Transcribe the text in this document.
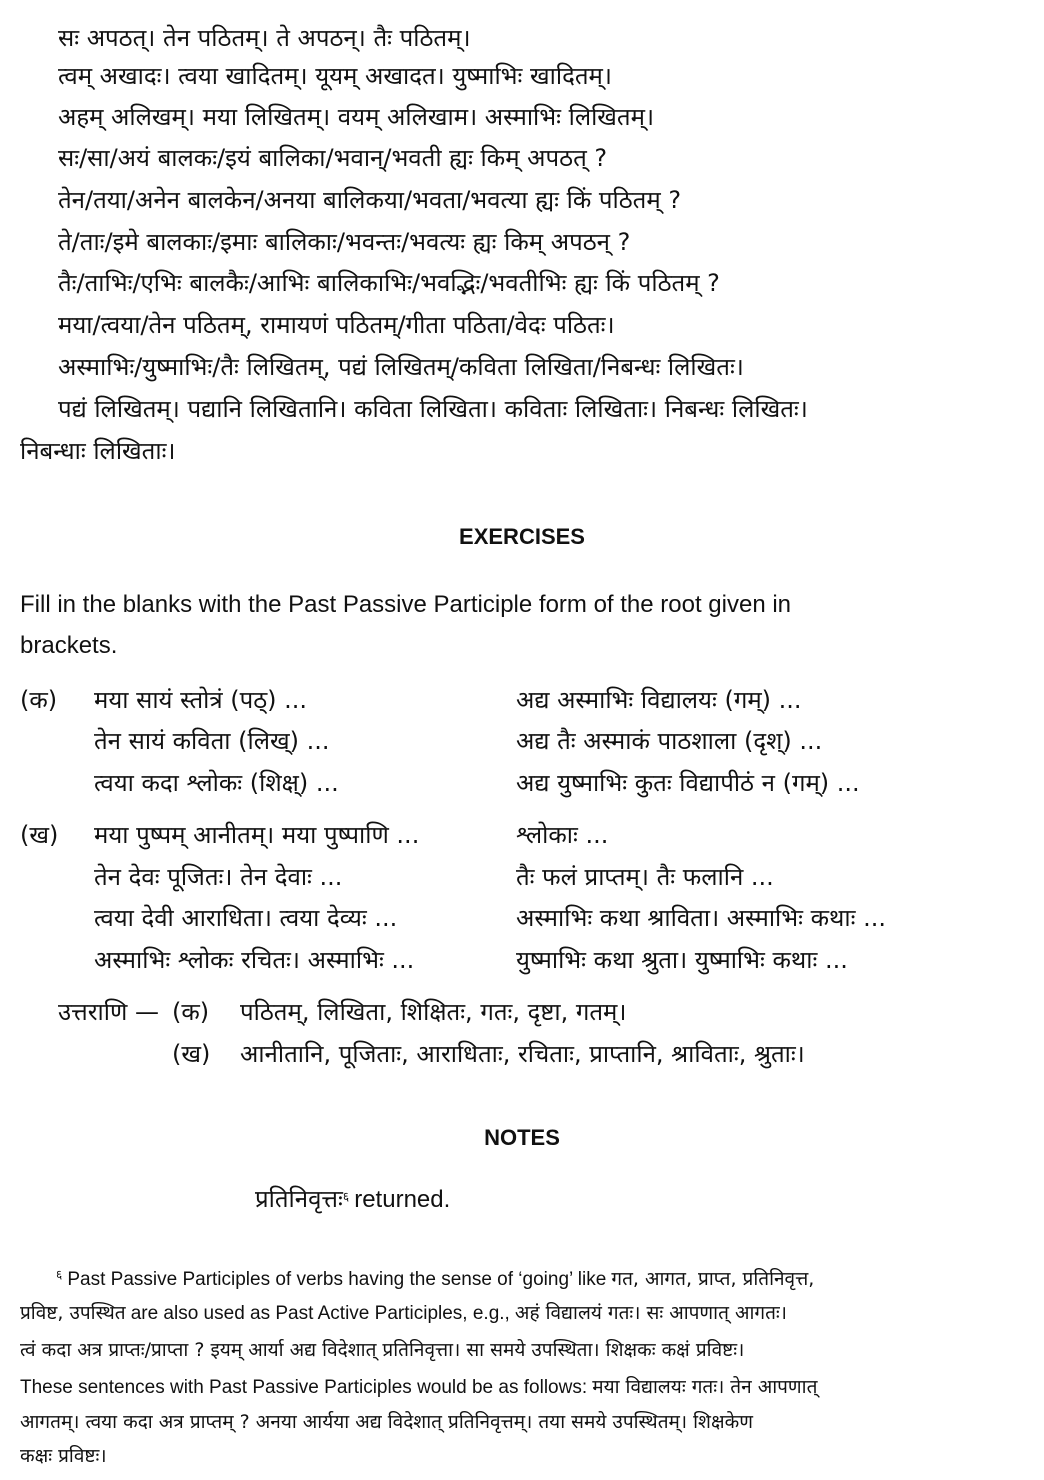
सः अपठत्। तेन पठितम्। ते अपठन्। तैः पठितम्।
त्वम् अखादः। त्वया खादितम्। यूयम् अखादत। युष्माभिः खादितम्।
अहम् अलिखम्। मया लिखितम्। वयम् अलिखाम। अस्माभिः लिखितम्।
सः/सा/अयं बालकः/इयं बालिका/भवान्/भवती ह्यः किम् अपठत् ?
तेन/तया/अनेन बालकेन/अनया बालिकया/भवता/भवत्या ह्यः किं पठितम् ?
ते/ताः/इमे बालकाः/इमाः बालिकाः/भवन्तः/भवत्यः ह्यः किम् अपठन् ?
तैः/ताभिः/एभिः बालकैः/आभिः बालिकाभिः/भवद्भिः/भवतीभिः ह्यः किं पठितम् ?
मया/त्वया/तेन पठितम्, रामायणं पठितम्/गीता पठिता/वेदः पठितः।
अस्माभिः/युष्माभिः/तैः लिखितम्, पद्यं लिखितम्/कविता लिखिता/निबन्धः लिखितः।
पद्यं लिखितम्। पद्यानि लिखितानि। कविता लिखिता। कविताः लिखिताः। निबन्धः लिखितः।
निबन्धाः लिखिताः।
EXERCISES
Fill in the blanks with the Past Passive Participle form of the root given in
brackets.
(क) मया सायं स्तोत्रं (पठ्) ...
तेन सायं कविता (लिख्) ...
त्वया कदा श्लोकः (शिक्ष्) ...
अद्य अस्माभिः विद्यालयः (गम्) ...
अद्य तैः अस्माकं पाठशाला (दृश्) ...
अद्य युष्माभिः कुतः विद्यापीठं न (गम्) ...
(ख) मया पुष्पम् आनीतम्। मया पुष्पाणि ...
तेन देवः पूजितः। तेन देवाः ...
त्वया देवी आराधिता। त्वया देव्यः ...
अस्माभिः श्लोकः रचितः। अस्माभिः ...
श्लोकाः ...
तैः फलं प्राप्तम्। तैः फलानि ...
अस्माभिः कथा श्राविता। अस्माभिः कथाः ...
युष्माभिः कथा श्रुता। युष्माभिः कथाः ...
उत्तराणि — (क) पठितम्, लिखिता, शिक्षितः, गतः, दृष्टा, गतम्।
(ख) आनीतानि, पूजिताः, आराधिताः, रचिताः, प्राप्तानि, श्राविताः, श्रुताः।
NOTES
प्रतिनिवृत्तः$^६$ returned.
$^६$ Past Passive Participles of verbs having the sense of ‘going’ like गत, आगत, प्राप्त, प्रतिनिवृत्त,
प्रविष्ट, उपस्थित are also used as Past Active Participles, e.g., अहं विद्यालयं गतः। सः आपणात् आगतः।
त्वं कदा अत्र प्राप्तः/प्राप्ता ? इयम् आर्या अद्य विदेशात् प्रतिनिवृत्ता। सा समये उपस्थिता। शिक्षकः कक्षं प्रविष्टः।
These sentences with Past Passive Participles would be as follows: मया विद्यालयः गतः। तेन आपणात्
आगतम्। त्वया कदा अत्र प्राप्तम् ? अनया आर्यया अद्य विदेशात् प्रतिनिवृत्तम्। तया समये उपस्थितम्। शिक्षकेण
कक्षः प्रविष्टः।
